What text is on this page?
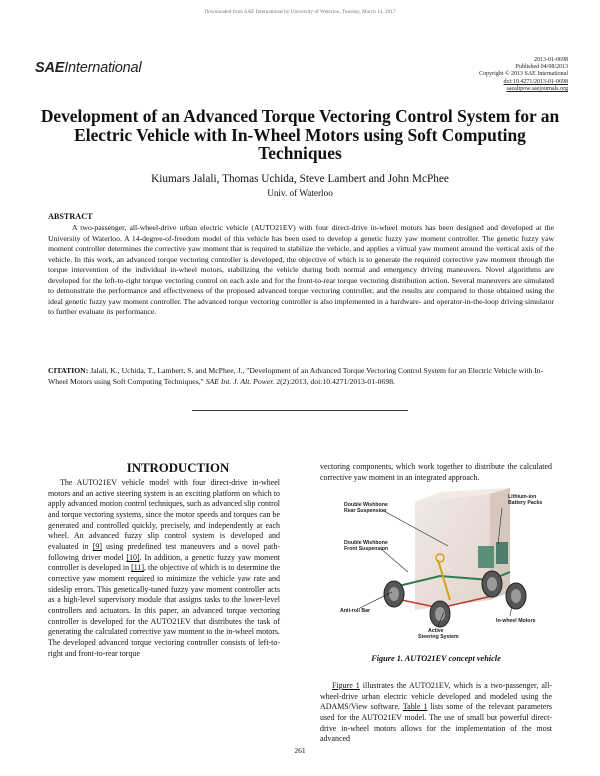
Downloaded from SAE International by University of Waterloo, Tuesday, March 14, 2017
SAEInternational	2013-01-0698
Published 04/08/2013
Copyright © 2013 SAE International
doi:10.4271/2013-01-0698
saealtpow.saejournals.org
Development of an Advanced Torque Vectoring Control System for an Electric Vehicle with In-Wheel Motors using Soft Computing Techniques
Kiumars Jalali, Thomas Uchida, Steve Lambert and John McPhee
Univ. of Waterloo
ABSTRACT
A two-passenger, all-wheel-drive urban electric vehicle (AUTO21EV) with four direct-drive in-wheel motors has been designed and developed at the University of Waterloo. A 14-degree-of-freedom model of this vehicle has been used to develop a genetic fuzzy yaw moment controller. The genetic fuzzy yaw moment controller determines the corrective yaw moment that is required to stabilize the vehicle, and applies a virtual yaw moment around the vertical axis of the vehicle. In this work, an advanced torque vectoring controller is developed, the objective of which is to generate the required corrective yaw moment through the torque intervention of the individual in-wheel motors, stabilizing the vehicle during both normal and emergency driving maneuvers. Novel algorithms are developed for the left-to-right torque vectoring control on each axle and for the front-to-rear torque vectoring distribution action. Several maneuvers are simulated to demonstrate the performance and effectiveness of the proposed advanced torque vectoring controller, and the results are compared to those obtained using the ideal genetic fuzzy yaw moment controller. The advanced torque vectoring controller is also implemented in a hardware- and operator-in-the-loop driving simulator to further evaluate its performance.
CITATION: Jalali, K., Uchida, T., Lambert, S. and McPhee, J., "Development of an Advanced Torque Vectoring Control System for an Electric Vehicle with In-Wheel Motors using Soft Computing Techniques," SAE Int. J. Alt. Power. 2(2):2013, doi:10.4271/2013-01-0698.
INTRODUCTION

The AUTO21EV vehicle model with four direct-drive in-wheel motors and an active steering system is an exciting platform on which to apply advanced motion control techniques, such as advanced slip control and torque vectoring systems, since the motor speeds and torques can be generated and controlled quickly, precisely, and independently at each wheel. An advanced fuzzy slip control system is developed and evaluated in [9] using predefined test maneuvers and a novel path-following driver model [10]. In addition, a genetic fuzzy yaw moment controller is developed in [11], the objective of which is to determine the corrective yaw moment required to minimize the vehicle yaw rate and sideslip errors. This genetically-tuned fuzzy yaw moment controller acts as a high-level supervisory module that assigns tasks to the lower-level controllers and actuators. In this paper, an advanced torque vectoring controller is developed for the AUTO21EV that distributes the task of generating the calculated corrective yaw moment to the in-wheel motors. The developed advanced torque vectoring controller consists of left-to-right and front-to-rear torque

vectoring components, which work together to distribute the calculated corrective yaw moment in an integrated approach.

Double Wishbone Rear Suspension
Lithium-ion Battery Packs
Double Wishbone Front Suspension
Anti-roll Bar
In-wheel Motors
Active Steering System
Figure 1. AUTO21EV concept vehicle

Figure 1 illustrates the AUTO21EV, which is a two-passenger, all-wheel-drive urban electric vehicle developed and modeled using the ADAMS/View software. Table 1 lists some of the relevant parameters used for the AUTO21EV model. The use of small but powerful direct-drive in-wheel motors allows for the implementation of the most advanced

261
